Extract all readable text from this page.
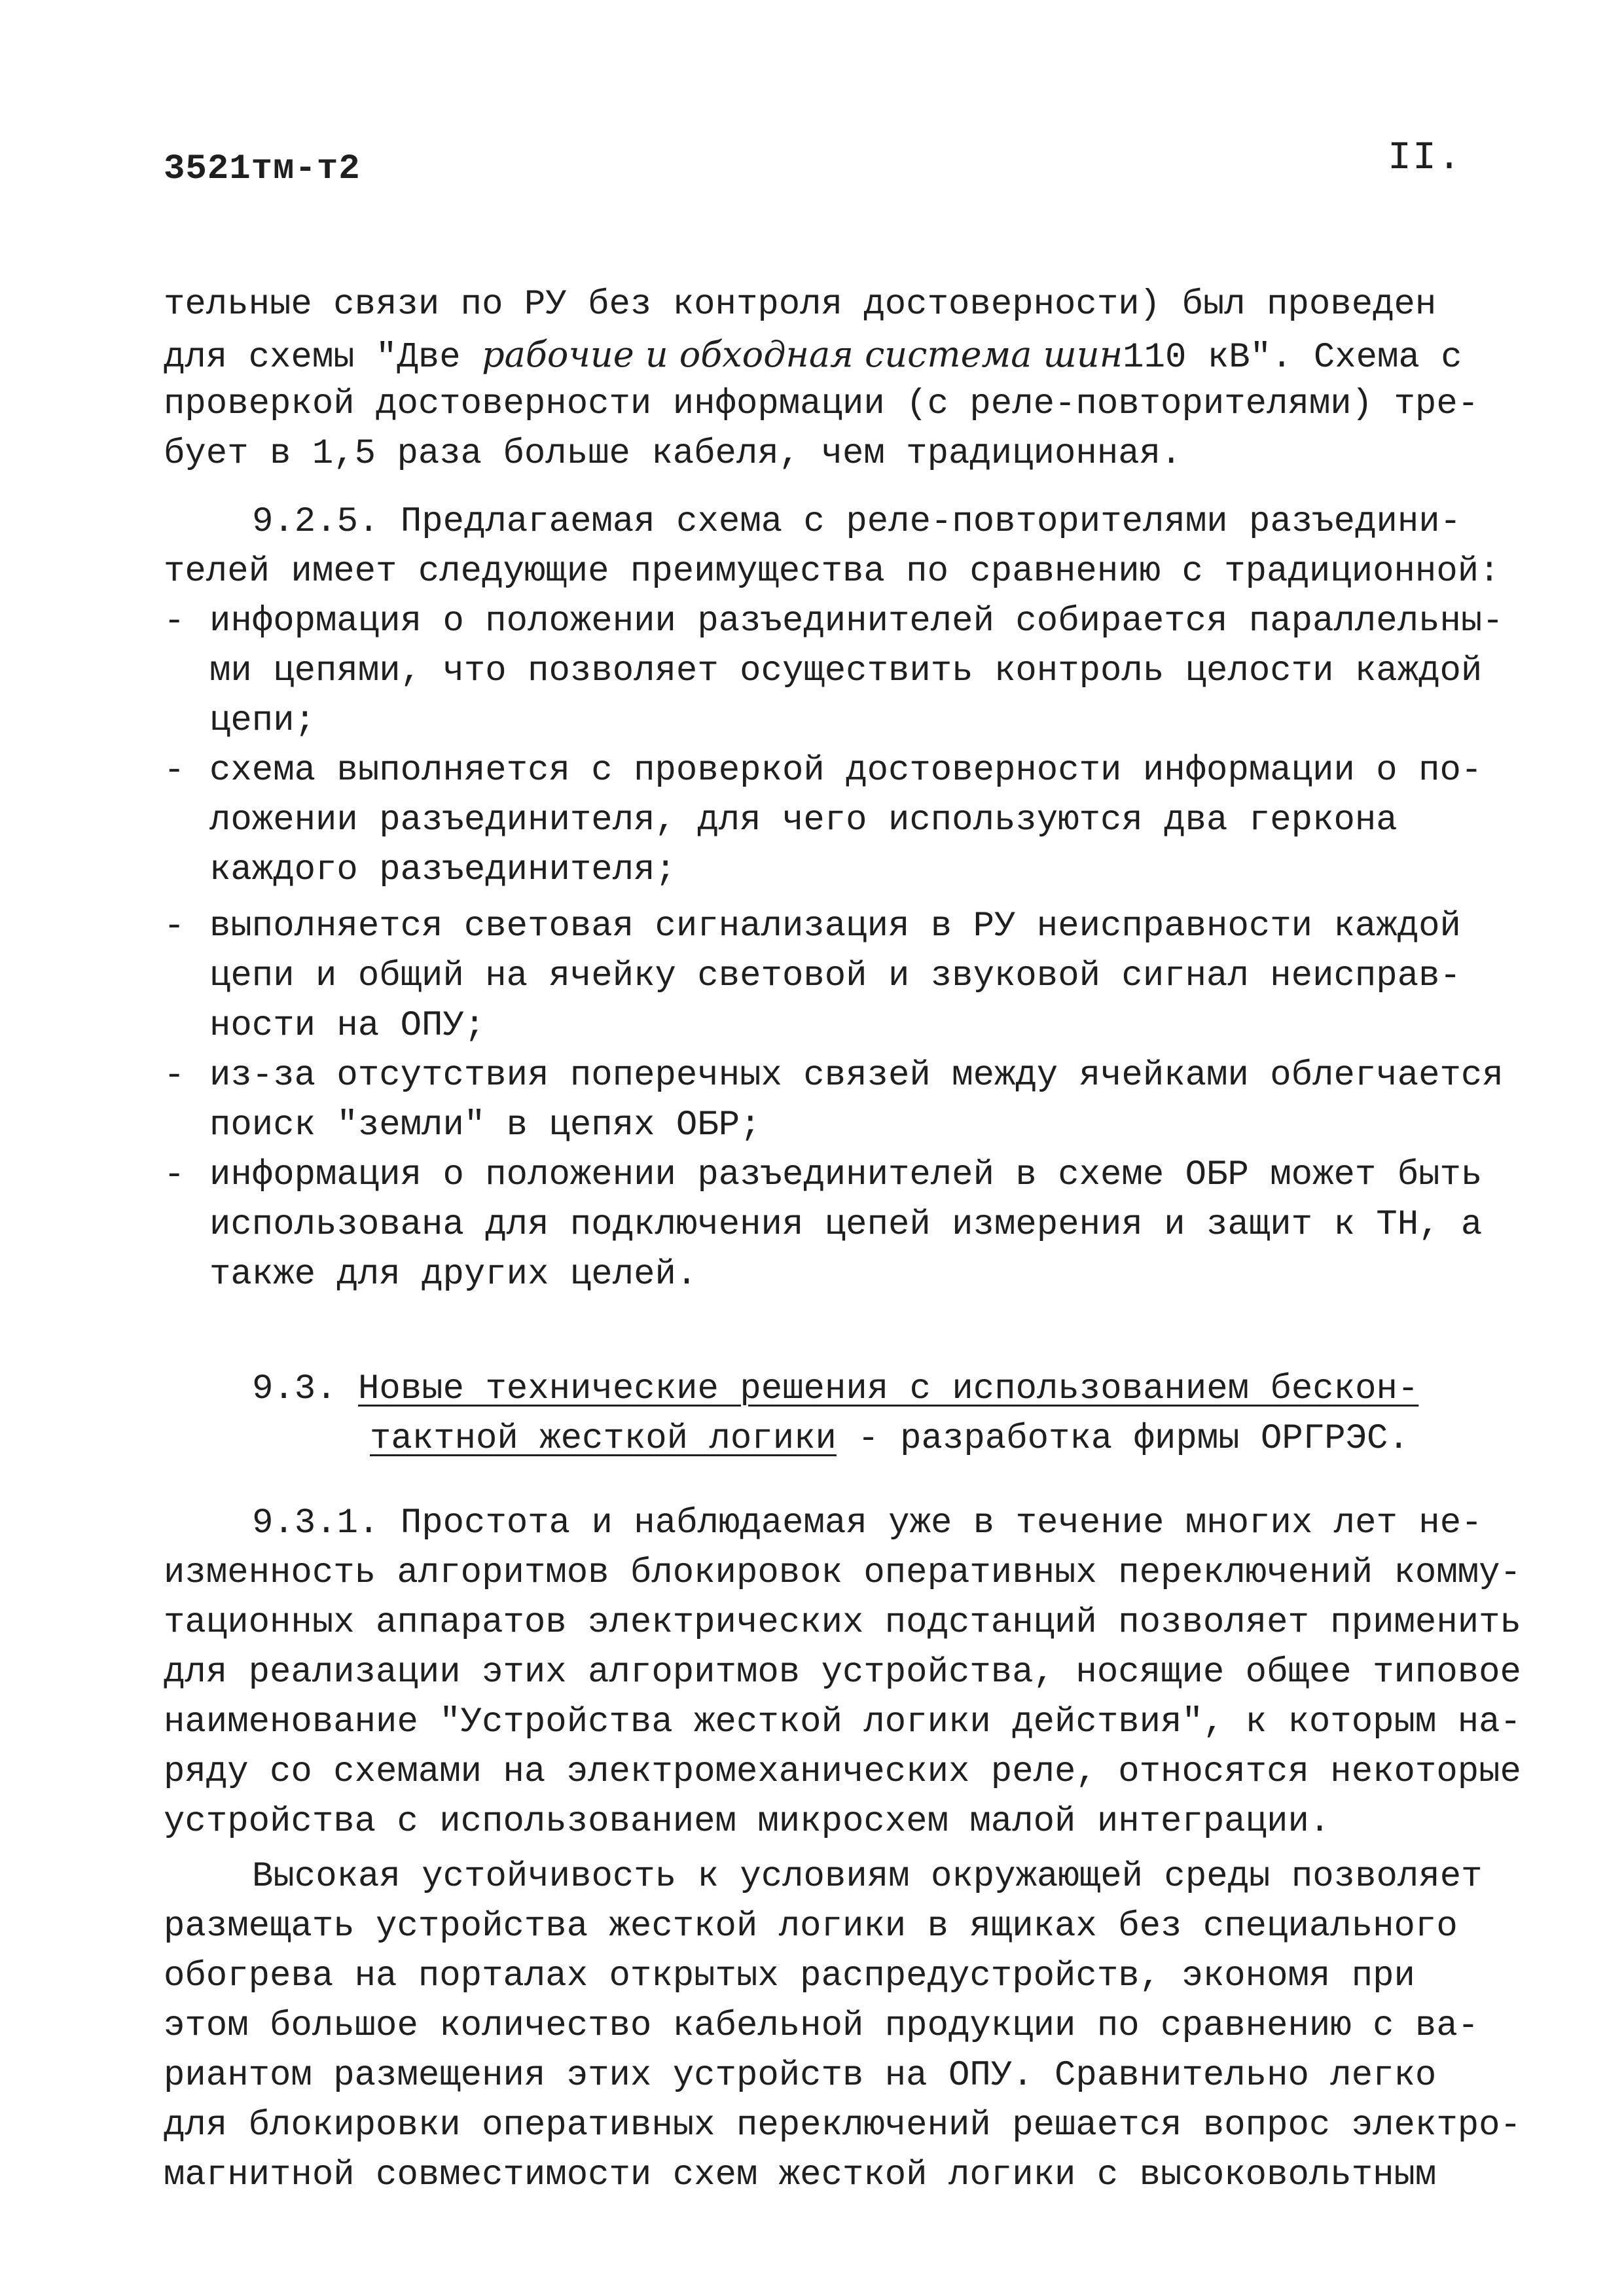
3521тм-т2	II.
тельные связи по РУ без контроля достоверности) был проведен
для схемы "Две рабочие и обходная система шин110 кВ". Схема с
проверкой достоверности информации (с реле-повторителями) тре-
бует в 1,5 раза больше кабеля, чем традиционная.
9.2.5. Предлагаемая схема с реле-повторителями разъедини-
телей имеет следующие преимущества по сравнению с традиционной:
- информация о положении разъединителей собирается параллельны-
ми цепями, что позволяет осуществить контроль целости каждой
цепи;
- схема выполняется с проверкой достоверности информации о по-
ложении разъединителя, для чего используются два геркона
каждого разъединителя;
- выполняется световая сигнализация в РУ неисправности каждой
цепи и общий на ячейку световой и звуковой сигнал неисправ-
ности на ОПУ;
- из-за отсутствия поперечных связей между ячейками облегчается
поиск "земли" в цепях ОБР;
- информация о положении разъединителей в схеме ОБР может быть
использована для подключения цепей измерения и защит к ТН, а
также для других целей.
9.3. Новые технические решения с использованием бескон-
тактной жесткой логики - разработка фирмы ОРГРЭС.
9.3.1. Простота и наблюдаемая уже в течение многих лет не-
изменность алгоритмов блокировок оперативных переключений комму-
тационных аппаратов электрических подстанций позволяет применить
для реализации этих алгоритмов устройства, носящие общее типовое
наименование "Устройства жесткой логики действия", к которым на-
ряду со схемами на электромеханических реле, относятся некоторые
устройства с использованием микросхем малой интеграции.
Высокая устойчивость к условиям окружающей среды позволяет
размещать устройства жесткой логики в ящиках без специального
обогрева на порталах открытых распредустройств, экономя при
этом большое количество кабельной продукции по сравнению с ва-
риантом размещения этих устройств на ОПУ. Сравнительно легко
для блокировки оперативных переключений решается вопрос электро-
магнитной совместимости схем жесткой логики с высоковольтным
